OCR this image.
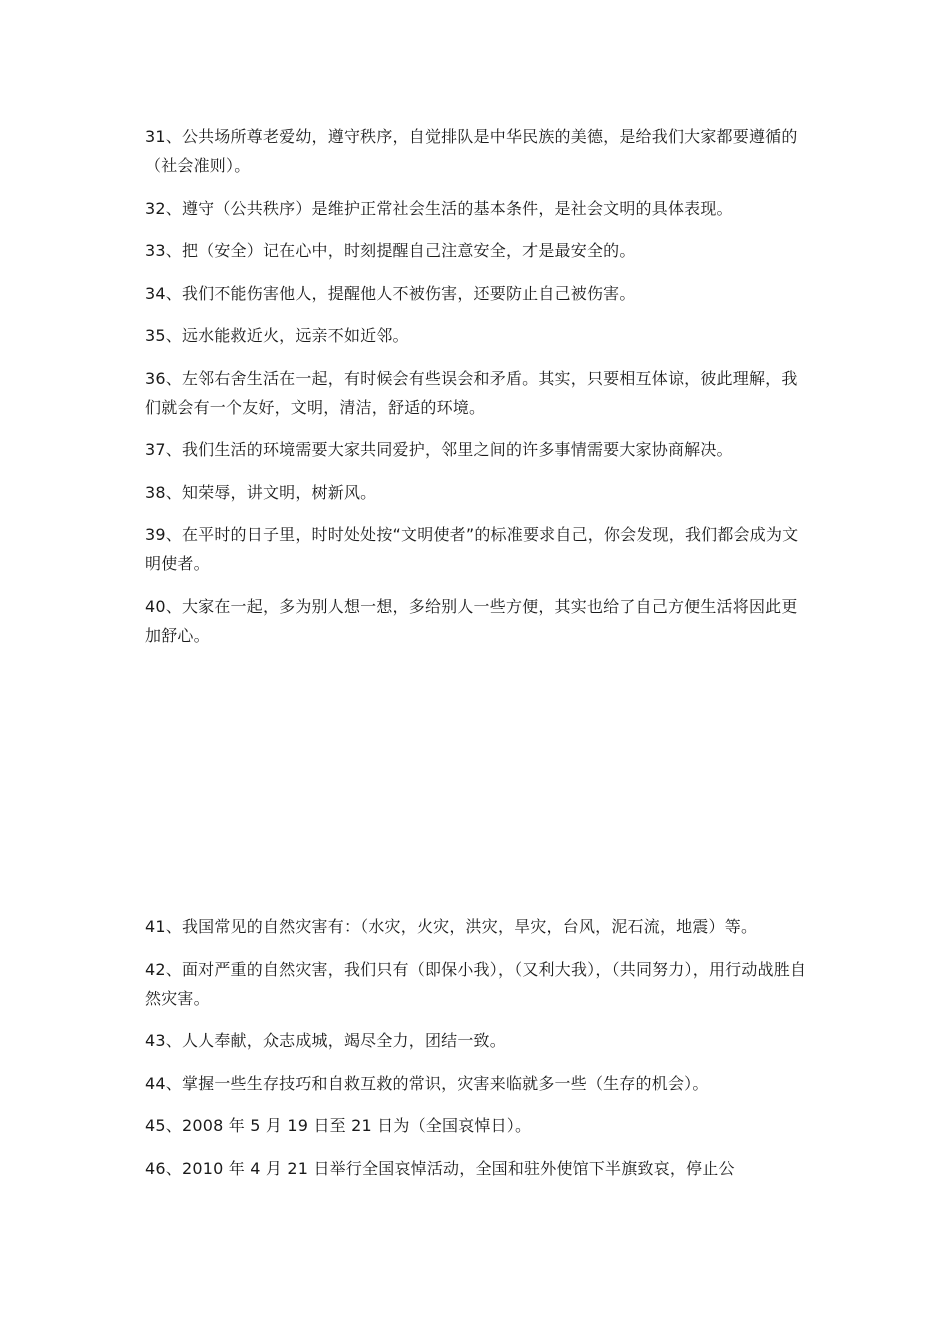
31、公共场所尊老爱幼，遵守秩序，自觉排队是中华民族的美德，是给我们大家都要遵循的（社会准则）。

32、遵守（公共秩序）是维护正常社会生活的基本条件，是社会文明的具体表现。

33、把（安全）记在心中，时刻提醒自己注意安全，才是最安全的。

34、我们不能伤害他人，提醒他人不被伤害，还要防止自己被伤害。

35、远水能救近火，远亲不如近邻。

36、左邻右舍生活在一起，有时候会有些误会和矛盾。其实，只要相互体谅，彼此理解，我们就会有一个友好，文明，清洁，舒适的环境。

37、我们生活的环境需要大家共同爱护，邻里之间的许多事情需要大家协商解决。

38、知荣辱，讲文明，树新风。

39、在平时的日子里，时时处处按“文明使者”的标准要求自己，你会发现，我们都会成为文明使者。

40、大家在一起，多为别人想一想，多给别人一些方便，其实也给了自己方便生活将因此更加舒心。

41、我国常见的自然灾害有：（水灾，火灾，洪灾，旱灾，台风，泥石流，地震）等。

42、面对严重的自然灾害，我们只有（即保小我），（又利大我），（共同努力），用行动战胜自然灾害。

43、人人奉献，众志成城，竭尽全力，团结一致。

44、掌握一些生存技巧和自救互救的常识，灾害来临就多一些（生存的机会）。

45、2008 年 5 月 19 日至 21 日为（全国哀悼日）。

46、2010 年 4 月 21 日举行全国哀悼活动，全国和驻外使馆下半旗致哀，停止公
